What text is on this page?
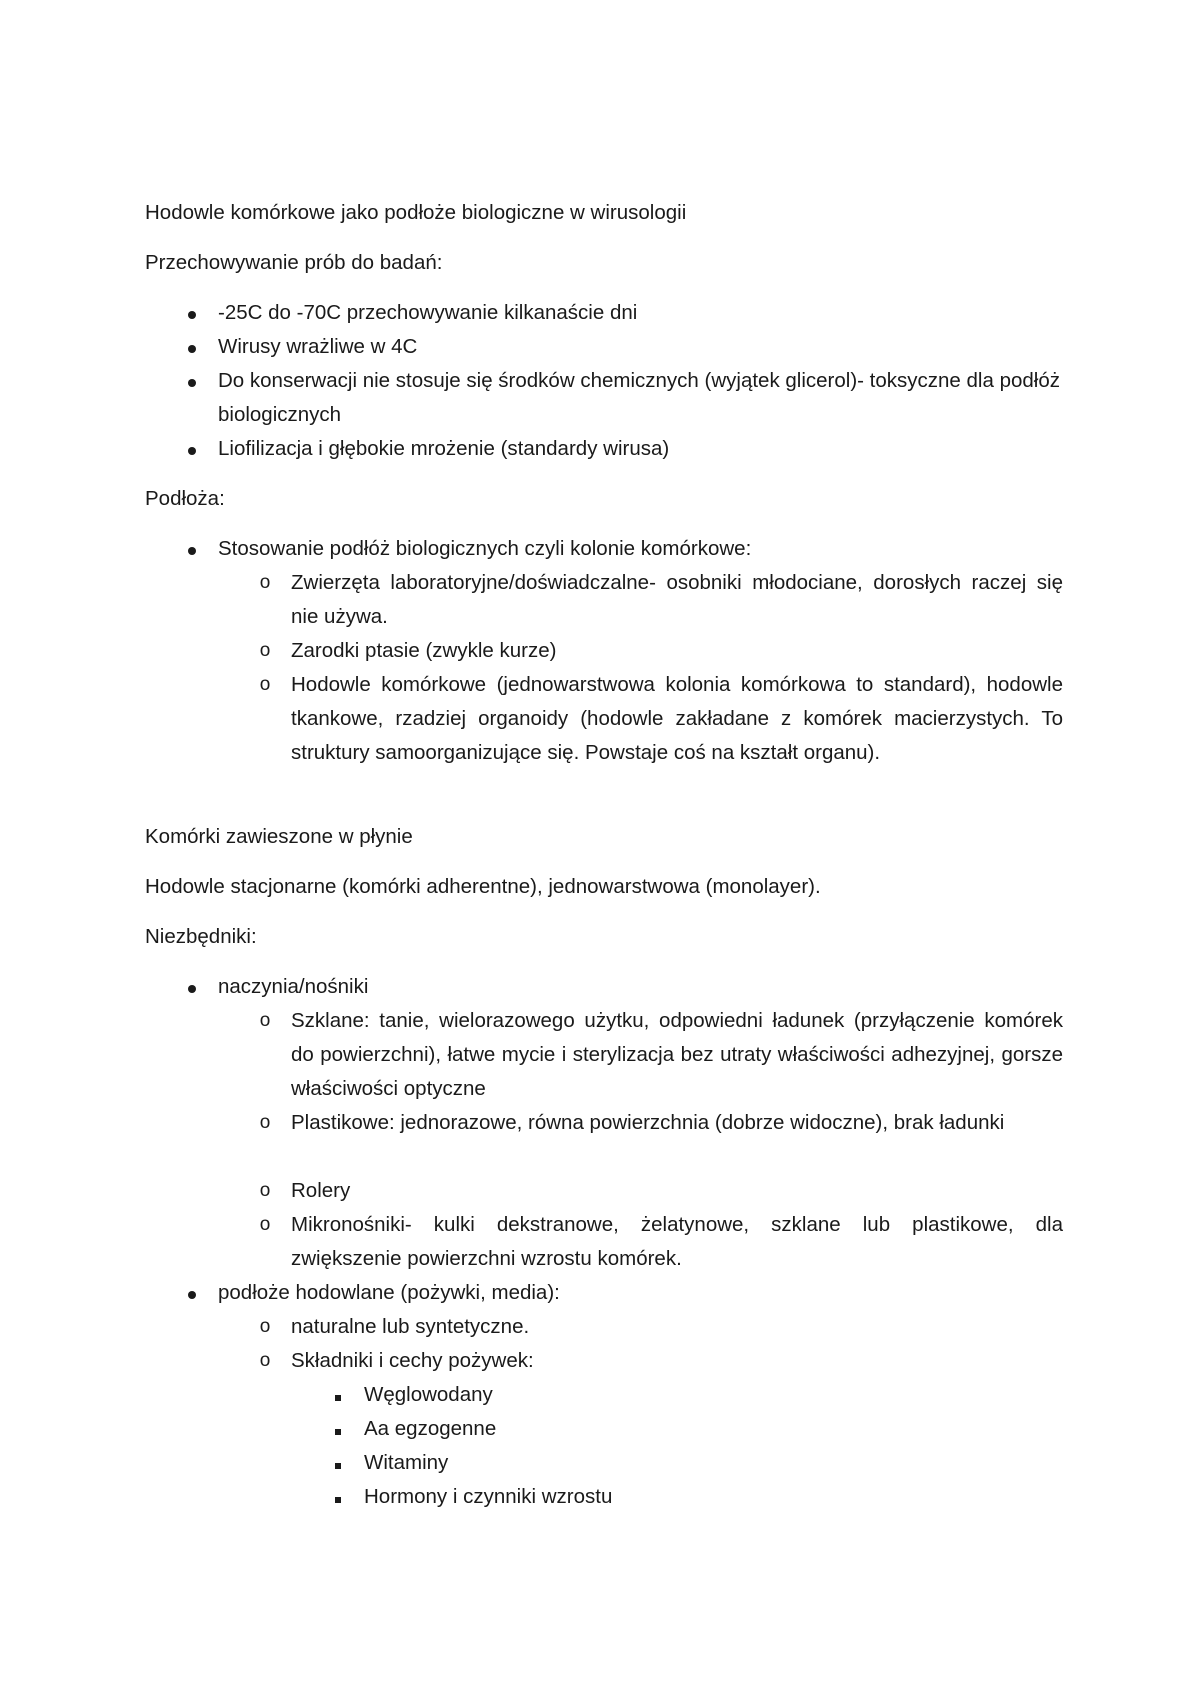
Hodowle komórkowe jako podłoże biologiczne w wirusologii
Przechowywanie prób do badań:
-25C do -70C przechowywanie kilkanaście dni
Wirusy wrażliwe w 4C
Do konserwacji nie stosuje się środków chemicznych (wyjątek glicerol)- toksyczne dla podłóż biologicznych
Liofilizacja i głębokie mrożenie (standardy wirusa)
Podłoża:
Stosowanie podłóż biologicznych czyli kolonie komórkowe:
o Zwierzęta laboratoryjne/doświadczalne- osobniki młodociane, dorosłych raczej się nie używa.
o Zarodki ptasie (zwykle kurze)
o Hodowle komórkowe (jednowarstwowa kolonia komórkowa to standard), hodowle tkankowe, rzadziej organoidy (hodowle zakładane z komórek macierzystych. To struktury samoorganizujące się. Powstaje coś na kształt organu).
Komórki zawieszone w płynie
Hodowle stacjonarne (komórki adherentne), jednowarstwowa (monolayer).
Niezbędniki:
naczynia/nośniki
o Szklane: tanie, wielorazowego użytku, odpowiedni ładunek (przyłączenie komórek do powierzchni), łatwe mycie i sterylizacja bez utraty właściwości adhezyjnej, gorsze właściwości optyczne
o Plastikowe: jednorazowe, równa powierzchnia (dobrze widoczne), brak ładunki
o Rolery
o Mikronośniki- kulki dekstranowe, żelatynowe, szklane lub plastikowe, dla zwiększenie powierzchni wzrostu komórek.
podłoże hodowlane (pożywki, media):
o naturalne lub syntetyczne.
o Składniki i cechy pożywek:
Węglowodany
Aa egzogenne
Witaminy
Hormony i czynniki wzrostu
